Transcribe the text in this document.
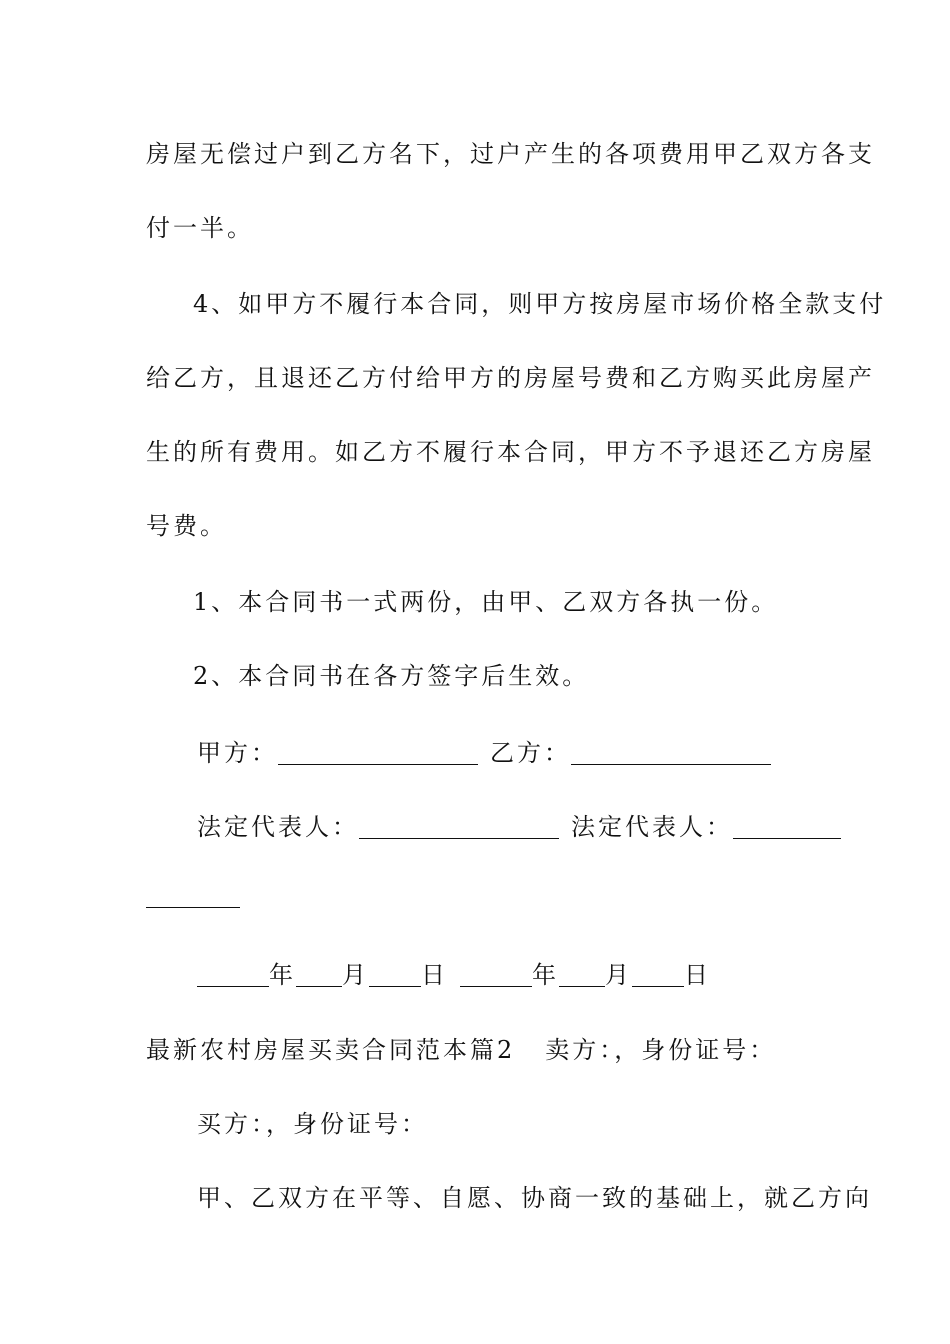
房屋无偿过户到乙方名下，过户产生的各项费用甲乙双方各支
付一半。
4、如甲方不履行本合同，则甲方按房屋市场价格全款支付
给乙方，且退还乙方付给甲方的房屋号费和乙方购买此房屋产
生的所有费用。如乙方不履行本合同，甲方不予退还乙方房屋
号费。
1、本合同书一式两份，由甲、乙双方各执一份。
2、本合同书在各方签字后生效。
甲方：	乙方：
法定代表人：	法定代表人：
年 月 日	年 月 日
最新农村房屋买卖合同范本篇2 卖方：，身份证号：
买方：，身份证号：
甲、乙双方在平等、自愿、协商一致的基础上，就乙方向
